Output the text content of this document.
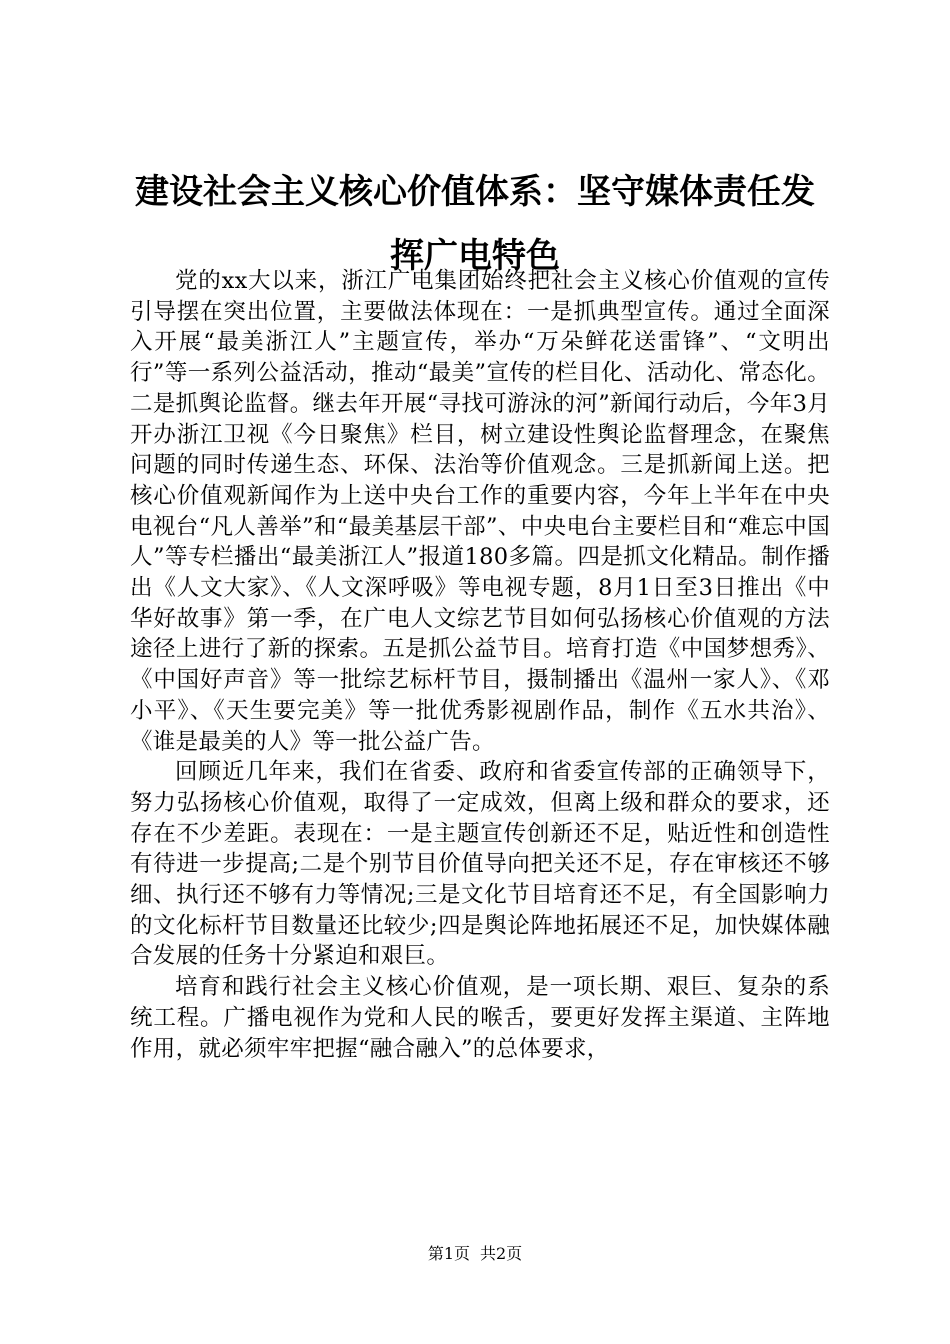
建设社会主义核心价值体系：坚守媒体责任发挥广电特色

党的xx大以来，浙江广电集团始终把社会主义核心价值观的宣传引导摆在突出位置，主要做法体现在：一是抓典型宣传。通过全面深入开展“最美浙江人”主题宣传，举办“万朵鲜花送雷锋”、“文明出行”等一系列公益活动，推动“最美”宣传的栏目化、活动化、常态化。二是抓舆论监督。继去年开展“寻找可游泳的河”新闻行动后，今年3月开办浙江卫视《今日聚焦》栏目，树立建设性舆论监督理念，在聚焦问题的同时传递生态、环保、法治等价值观念。三是抓新闻上送。把核心价值观新闻作为上送中央台工作的重要内容，今年上半年在中央电视台“凡人善举”和“最美基层干部”、中央电台主要栏目和“难忘中国人”等专栏播出“最美浙江人”报道180多篇。四是抓文化精品。制作播出《人文大家》、《人文深呼吸》等电视专题，8月1日至3日推出《中华好故事》第一季，在广电人文综艺节目如何弘扬核心价值观的方法途径上进行了新的探索。五是抓公益节目。培育打造《中国梦想秀》、《中国好声音》等一批综艺标杆节目，摄制播出《温州一家人》、《邓小平》、《天生要完美》等一批优秀影视剧作品，制作《五水共治》、《谁是最美的人》等一批公益广告。

回顾近几年来，我们在省委、政府和省委宣传部的正确领导下，努力弘扬核心价值观，取得了一定成效，但离上级和群众的要求，还存在不少差距。表现在：一是主题宣传创新还不足，贴近性和创造性有待进一步提高;二是个别节目价值导向把关还不足，存在审核还不够细、执行还不够有力等情况;三是文化节目培育还不足，有全国影响力的文化标杆节目数量还比较少;四是舆论阵地拓展还不足，加快媒体融合发展的任务十分紧迫和艰巨。

培育和践行社会主义核心价值观，是一项长期、艰巨、复杂的系统工程。广播电视作为党和人民的喉舌，要更好发挥主渠道、主阵地作用，就必须牢牢把握“融合融入”的总体要求，

第1页 共2页
